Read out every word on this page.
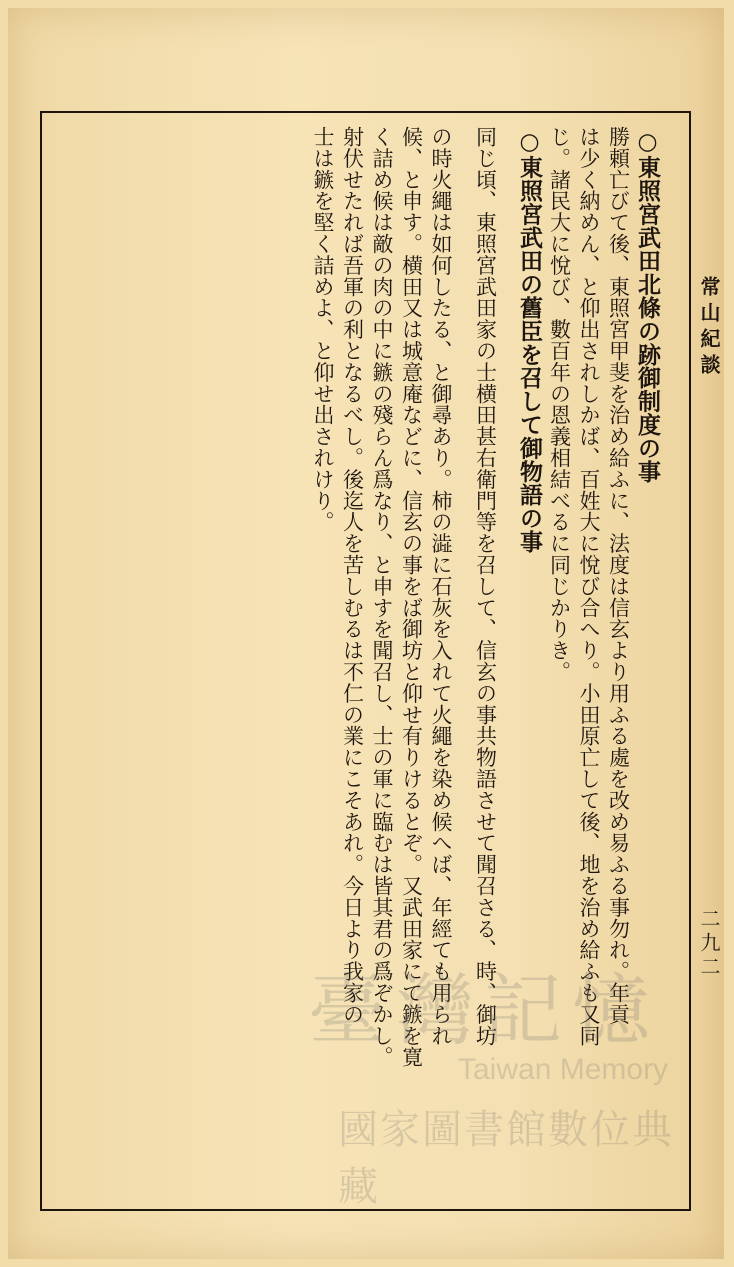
常山紀談
二九二

○東照宮武田北條の跡御制度の事

勝頼亡びて後、東照宮甲斐を治め給ふに、法度は信玄より用ふる處を改め易ふる事勿れ。年貢

は少く納めん、と仰出されしかば、百姓大に悅び合へり。小田原亡して後、地を治め給ふも又同

じ。諸民大に悅び、數百年の恩義相結べるに同じかりき。

○東照宮武田の舊臣を召して御物語の事

同じ頃、東照宮武田家の士横田甚右衛門等を召して、信玄の事共物語させて聞召さる、時、御坊

の時火繩は如何したる、と御尋あり。柿の澁に石灰を入れて火繩を染め候へば、年經ても用られ

候、と申す。横田又は城意庵などに、信玄の事をば御坊と仰せ有りけるとぞ。又武田家にて鏃を寛

く詰め候は敵の肉の中に鏃の殘らん爲なり、と申すを聞召し、士の軍に臨むは皆其君の爲ぞかし。

射伏せたれば吾軍の利となるべし。後迄人を苦しむるは不仁の業にこそあれ。今日より我家の

士は鏃を堅く詰めよ、と仰せ出されけり。

臺灣記憶
Taiwan Memory
國家圖書館數位典藏
